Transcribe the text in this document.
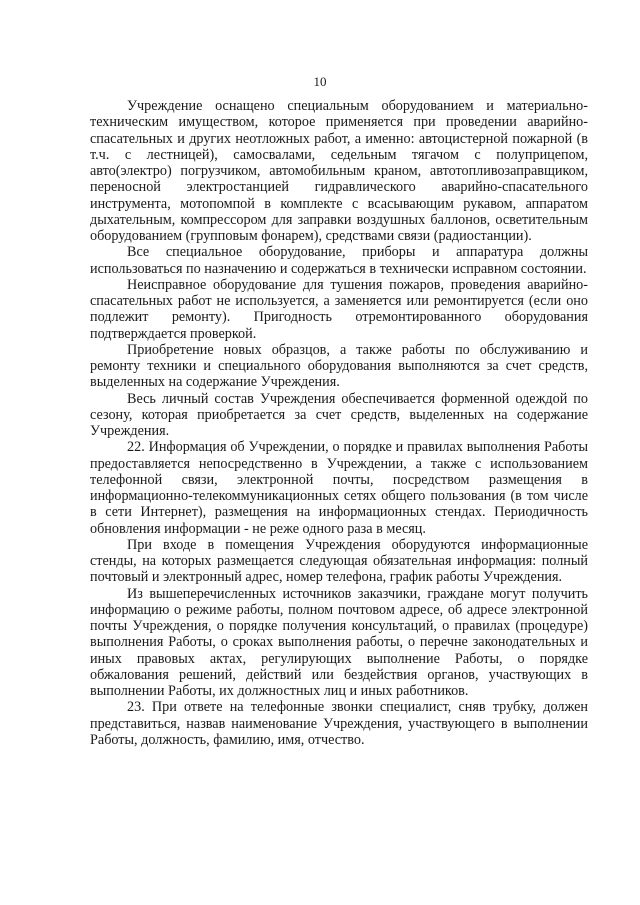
10

Учреждение оснащено специальным оборудованием и материально-техническим имуществом, которое применяется при проведении аварийно-спасательных и других неотложных работ, а именно: автоцистерной пожарной (в т.ч. с лестницей), самосвалами, седельным тягачом с полуприцепом, авто(электро) погрузчиком, автомобильным краном, автотопливозаправщиком, переносной электростанцией гидравлического аварийно-спасательного инструмента, мотопомпой в комплекте с всасывающим рукавом, аппаратом дыхательным, компрессором для заправки воздушных баллонов, осветительным оборудованием (групповым фонарем), средствами связи (радиостанции).

Все специальное оборудование, приборы и аппаратура должны использоваться по назначению и содержаться в технически исправном состоянии.

Неисправное оборудование для тушения пожаров, проведения аварийно-спасательных работ не используется, а заменяется или ремонтируется (если оно подлежит ремонту). Пригодность отремонтированного оборудования подтверждается проверкой.

Приобретение новых образцов, а также работы по обслуживанию и ремонту техники и специального оборудования выполняются за счет средств, выделенных на содержание Учреждения.

Весь личный состав Учреждения обеспечивается форменной одеждой по сезону, которая приобретается за счет средств, выделенных на содержание Учреждения.

22. Информация об Учреждении, о порядке и правилах выполнения Работы предоставляется непосредственно в Учреждении, а также с использованием телефонной связи, электронной почты, посредством размещения в информационно-телекоммуникационных сетях общего пользования (в том числе в сети Интернет), размещения на информационных стендах. Периодичность обновления информации - не реже одного раза в месяц.

При входе в помещения Учреждения оборудуются информационные стенды, на которых размещается следующая обязательная информация: полный почтовый и электронный адрес, номер телефона, график работы Учреждения.

Из вышеперечисленных источников заказчики, граждане могут получить информацию о режиме работы, полном почтовом адресе, об адресе электронной почты Учреждения, о порядке получения консультаций, о правилах (процедуре) выполнения Работы, о сроках выполнения работы, о перечне законодательных и иных правовых актах, регулирующих выполнение Работы, о порядке обжалования решений, действий или бездействия органов, участвующих в выполнении Работы, их должностных лиц и иных работников.

23. При ответе на телефонные звонки специалист, сняв трубку, должен представиться, назвав наименование Учреждения, участвующего в выполнении Работы, должность, фамилию, имя, отчество.
